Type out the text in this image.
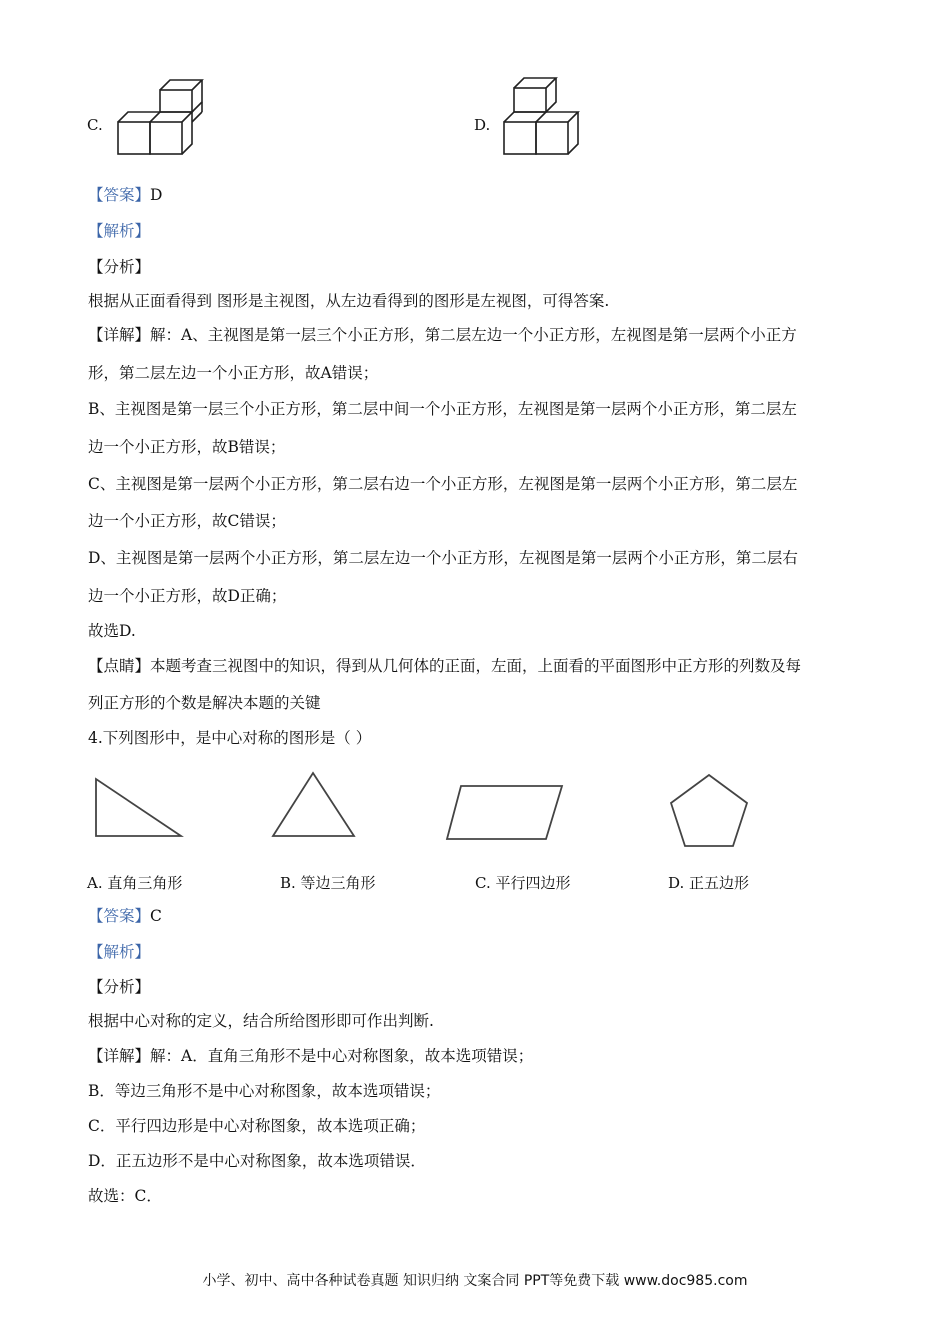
C.	D.
【答案】D
【解析】
【分析】
根据从正面看得到 图形是主视图，从左边看得到的图形是左视图，可得答案.
【详解】解：A、主视图是第一层三个小正方形，第二层左边一个小正方形，左视图是第一层两个小正方
形，第二层左边一个小正方形，故A错误；
B、主视图是第一层三个小正方形，第二层中间一个小正方形，左视图是第一层两个小正方形，第二层左
边一个小正方形，故B错误；
C、主视图是第一层两个小正方形，第二层右边一个小正方形，左视图是第一层两个小正方形，第二层左
边一个小正方形，故C错误；
D、主视图是第一层两个小正方形，第二层左边一个小正方形，左视图是第一层两个小正方形，第二层右
边一个小正方形，故D正确；
故选D.
【点睛】本题考查三视图中的知识，得到从几何体的正面，左面，上面看的平面图形中正方形的列数及每
列正方形的个数是解决本题的关键
4.下列图形中，是中心对称的图形是（ ）
A. 直角三角形	B. 等边三角形	C. 平行四边形	D. 正五边形
【答案】C
【解析】
【分析】
根据中心对称的定义，结合所给图形即可作出判断.
【详解】解：A．直角三角形不是中心对称图象，故本选项错误；
B．等边三角形不是中心对称图象，故本选项错误；
C．平行四边形是中心对称图象，故本选项正确；
D．正五边形不是中心对称图象，故本选项错误．
故选：C．
小学、初中、高中各种试卷真题 知识归纳 文案合同 PPT等免费下载 www.doc985.com
